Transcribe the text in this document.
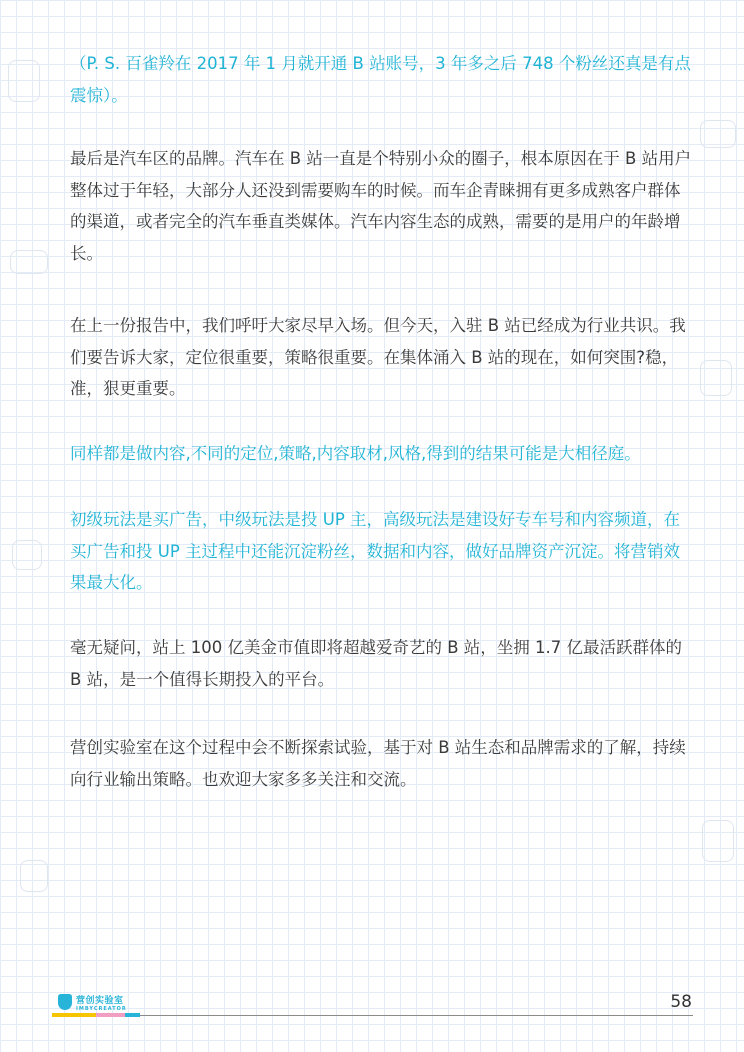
（P. S. 百雀羚在 2017 年 1 月就开通 B 站账号，3 年多之后 748 个粉丝还真是有点震惊）。

最后是汽车区的品牌。汽车在 B 站一直是个特别小众的圈子，根本原因在于 B 站用户整体过于年轻，大部分人还没到需要购车的时候。而车企青睐拥有更多成熟客户群体的渠道，或者完全的汽车垂直类媒体。汽车内容生态的成熟，需要的是用户的年龄增长。

在上一份报告中，我们呼吁大家尽早入场。但今天，入驻 B 站已经成为行业共识。我们要告诉大家，定位很重要，策略很重要。在集体涌入 B 站的现在，如何突围?稳，准，狠更重要。

同样都是做内容,不同的定位,策略,内容取材,风格,得到的结果可能是大相径庭。

初级玩法是买广告，中级玩法是投 UP 主，高级玩法是建设好专车号和内容频道，在买广告和投 UP 主过程中还能沉淀粉丝，数据和内容，做好品牌资产沉淀。将营销效果最大化。

毫无疑问，站上 100 亿美金市值即将超越爱奇艺的 B 站，坐拥 1.7 亿最活跃群体的 B 站，是一个值得长期投入的平台。

营创实验室在这个过程中会不断探索试验，基于对 B 站生态和品牌需求的了解，持续向行业输出策略。也欢迎大家多多关注和交流。

营创实验室
IMBYCREATOR	58
